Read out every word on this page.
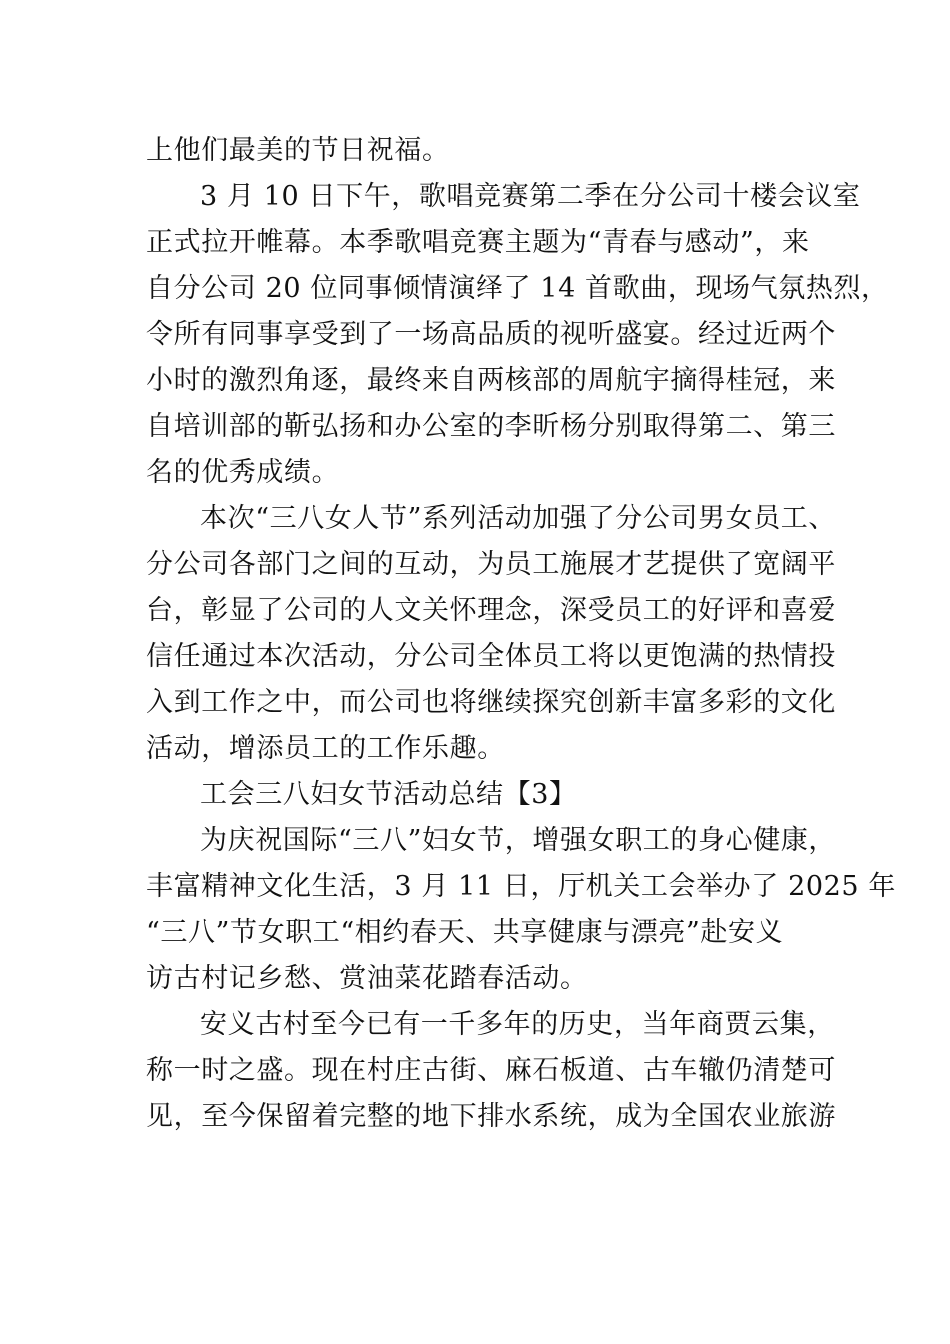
上他们最美的节日祝福。
3 月 10 日下午，歌唱竞赛第二季在分公司十楼会议室
正式拉开帷幕。本季歌唱竞赛主题为“青春与感动”，来
自分公司 20 位同事倾情演绎了 14 首歌曲，现场气氛热烈，
令所有同事享受到了一场高品质的视听盛宴。经过近两个
小时的激烈角逐，最终来自两核部的周航宇摘得桂冠，来
自培训部的靳弘扬和办公室的李昕杨分别取得第二、第三
名的优秀成绩。
本次“三八女人节”系列活动加强了分公司男女员工、
分公司各部门之间的互动，为员工施展才艺提供了宽阔平
台，彰显了公司的人文关怀理念，深受员工的好评和喜爱
信任通过本次活动，分公司全体员工将以更饱满的热情投
入到工作之中，而公司也将继续探究创新丰富多彩的文化
活动，增添员工的工作乐趣。
工会三八妇女节活动总结【3】
为庆祝国际“三八”妇女节，增强女职工的身心健康，
丰富精神文化生活，3 月 11 日，厅机关工会举办了 2025 年
“三八”节女职工“相约春天、共享健康与漂亮”赴安义
访古村记乡愁、赏油菜花踏春活动。
安义古村至今已有一千多年的历史，当年商贾云集，
称一时之盛。现在村庄古街、麻石板道、古车辙仍清楚可
见，至今保留着完整的地下排水系统，成为全国农业旅游
